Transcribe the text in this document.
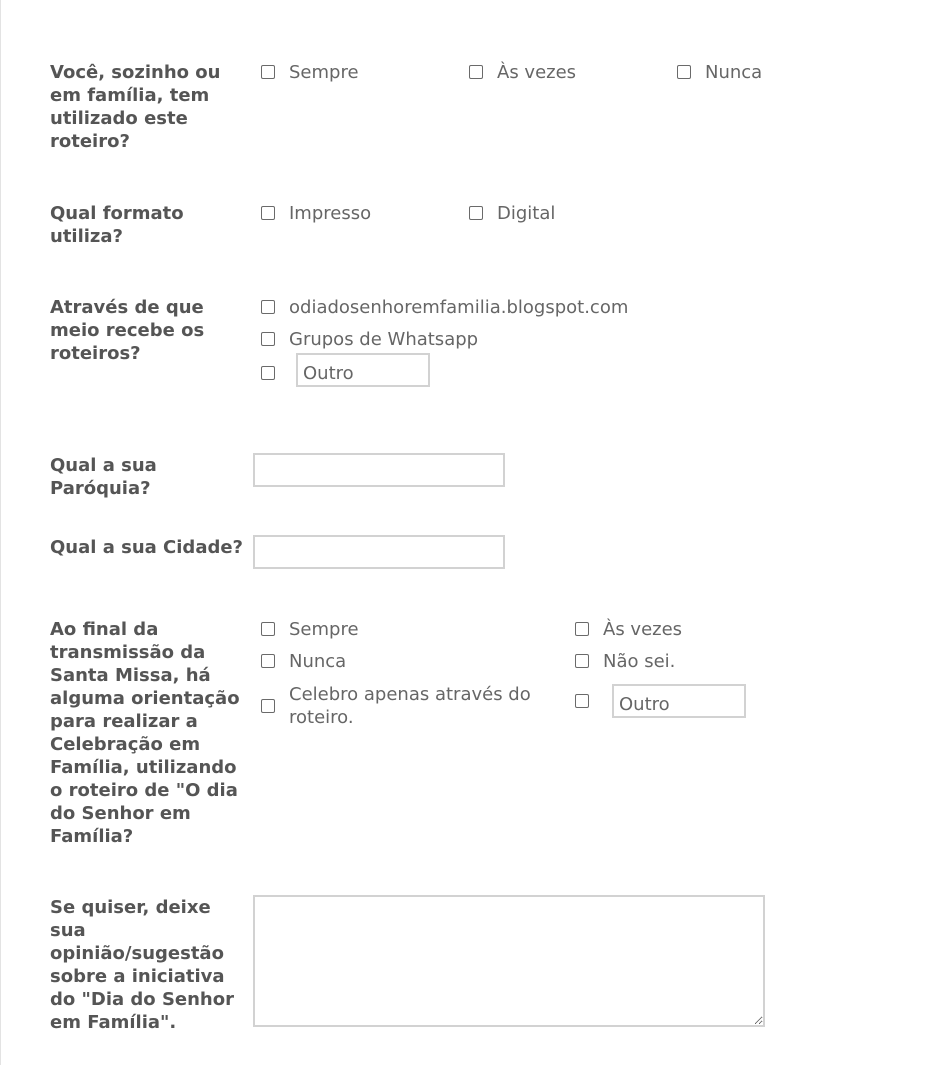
Você, sozinho ou em família, tem utilizado este roteiro?
Sempre	Às vezes	Nunca
Qual formato utiliza?
Impresso	Digital
Através de que meio recebe os roteiros?
odiadosenhoremfamilia.blogspot.com
Grupos de Whatsapp
Outro
Qual a sua Paróquia?
Qual a sua Cidade?
Ao final da transmissão da Santa Missa, há alguma orientação para realizar a Celebração em Família, utilizando o roteiro de "O dia do Senhor em Família?
Sempre	Às vezes
Nunca	Não sei.
Celebro apenas através do roteiro.
Outro
Se quiser, deixe sua opinião/sugestão sobre a iniciativa do "Dia do Senhor em Família".
